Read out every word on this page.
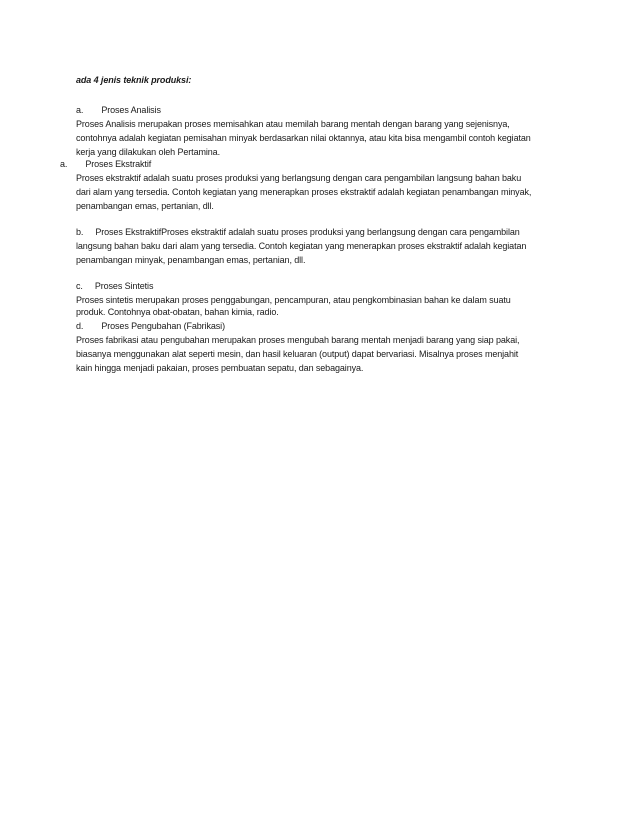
ada 4 jenis teknik produksi:
a. Proses Analisis
Proses Analisis merupakan proses memisahkan atau memilah barang mentah dengan barang yang sejenisnya,
contohnya adalah kegiatan pemisahan minyak berdasarkan nilai oktannya, atau kita bisa mengambil contoh kegiatan
kerja yang dilakukan oleh Pertamina.
a. Proses Ekstraktif
Proses ekstraktif adalah suatu proses produksi yang berlangsung dengan cara pengambilan langsung bahan baku
dari alam yang tersedia. Contoh kegiatan yang menerapkan proses ekstraktif adalah kegiatan penambangan minyak,
penambangan emas, pertanian, dll.
b. Proses EkstraktifProses ekstraktif adalah suatu proses produksi yang berlangsung dengan cara pengambilan
langsung bahan baku dari alam yang tersedia. Contoh kegiatan yang menerapkan proses ekstraktif adalah kegiatan
penambangan minyak, penambangan emas, pertanian, dll.
c. Proses Sintetis
Proses sintetis merupakan proses penggabungan, pencampuran, atau pengkombinasian bahan ke dalam suatu
produk. Contohnya obat-obatan, bahan kimia, radio.
d. Proses Pengubahan (Fabrikasi)
Proses fabrikasi atau pengubahan merupakan proses mengubah barang mentah menjadi barang yang siap pakai,
biasanya menggunakan alat seperti mesin, dan hasil keluaran (output) dapat bervariasi. Misalnya proses menjahit
kain hingga menjadi pakaian, proses pembuatan sepatu, dan sebagainya.
